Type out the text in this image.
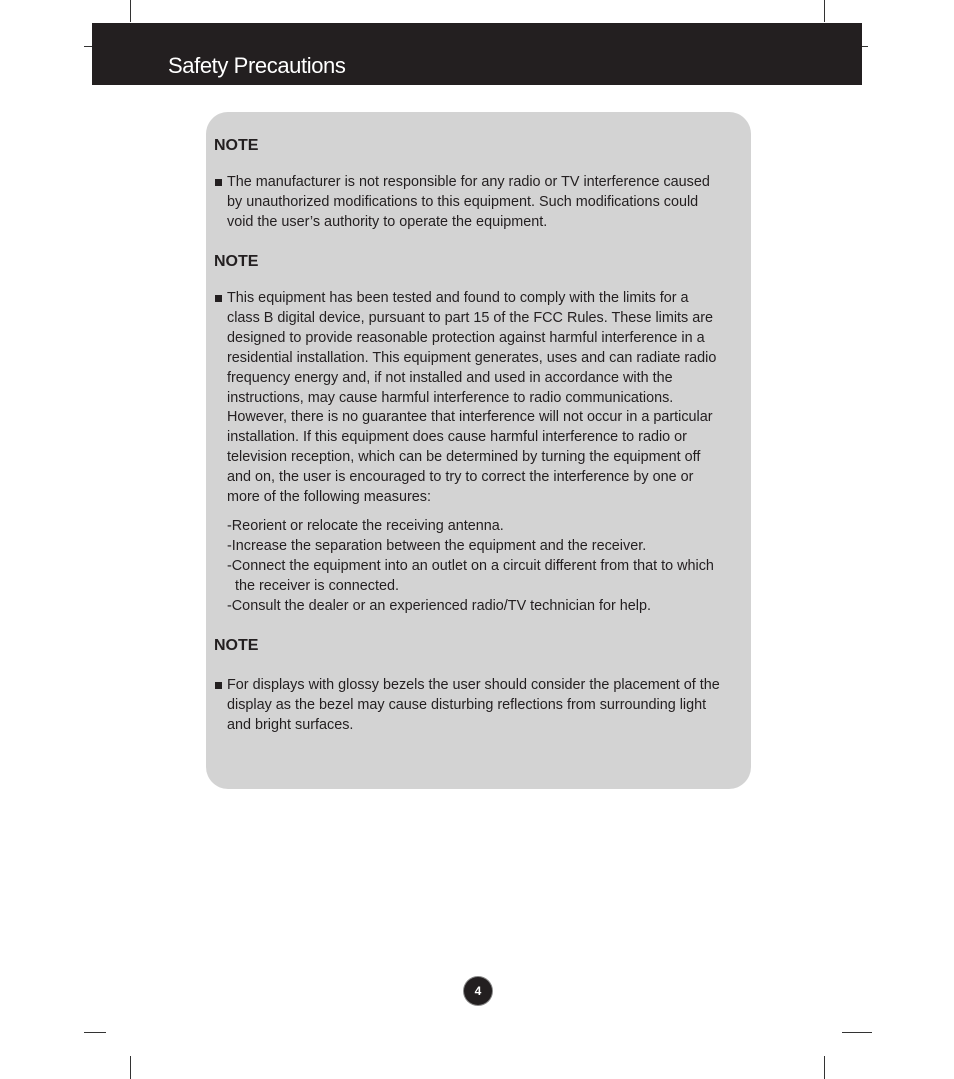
Safety Precautions
NOTE

The manufacturer is not responsible for any radio or TV interference caused
by unauthorized modifications to this equipment. Such modifications could
void the user’s authority to operate the equipment.

NOTE

This equipment has been tested and found to comply with the limits for a
class B digital device, pursuant to part 15 of the FCC Rules. These limits are
designed to provide reasonable protection against harmful interference in a
residential installation. This equipment generates, uses and can radiate radio
frequency energy and, if not installed and used in accordance with the
instructions, may cause harmful interference to radio communications.
However, there is no guarantee that interference will not occur in a particular
installation. If this equipment does cause harmful interference to radio or
television reception, which can be determined by turning the equipment off
and on, the user is encouraged to try to correct the interference by one or
more of the following measures:

-Reorient or relocate the receiving antenna.
-Increase the separation between the equipment and the receiver.
-Connect the equipment into an outlet on a circuit different from that to which
the receiver is connected.
-Consult the dealer or an experienced radio/TV technician for help.
NOTE

For displays with glossy bezels the user should consider the placement of the
display as the bezel may cause disturbing reflections from surrounding light
and bright surfaces.

4
